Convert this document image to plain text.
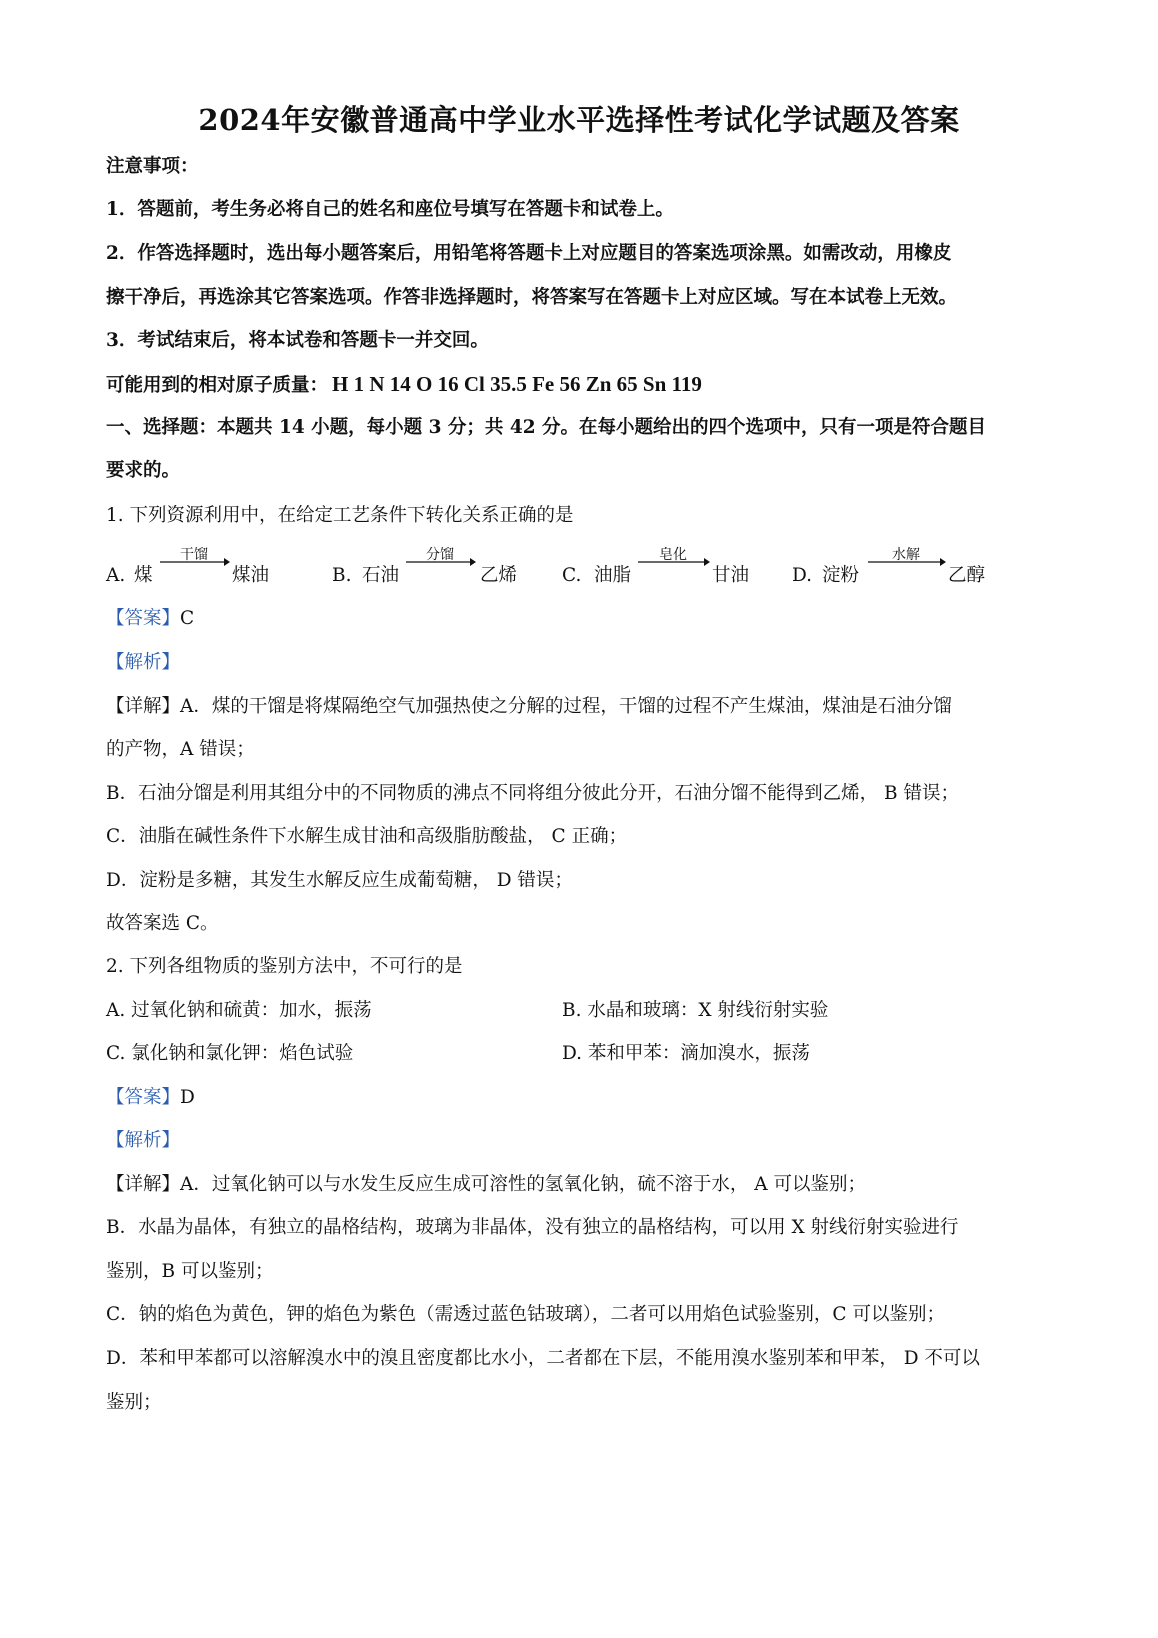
2024年安徽普通高中学业水平选择性考试化学试题及答案
注意事项：
1．答题前，考生务必将自己的姓名和座位号填写在答题卡和试卷上。
2．作答选择题时，选出每小题答案后，用铅笔将答题卡上对应题目的答案选项涂黑。如需改动，用橡皮
擦干净后，再选涂其它答案选项。作答非选择题时，将答案写在答题卡上对应区域。写在本试卷上无效。
3．考试结束后，将本试卷和答题卡一并交回。
可能用到的相对原子质量： H 1 N 14 O 16 Cl 35.5 Fe 56 Zn 65 Sn 119
一、选择题：本题共 14 小题，每小题 3 分；共 42 分。在每小题给出的四个选项中，只有一项是符合题目
要求的。
1. 下列资源利用中，在给定工艺条件下转化关系正确的是
A. 煤
干馏
煤油	B. 石油
分馏
乙烯 C. 油脂
皂化
甘油 D. 淀粉
水解
乙醇
【答案】C
【解析】
【详解】A．煤的干馏是将煤隔绝空气加强热使之分解的过程，干馏的过程不产生煤油，煤油是石油分馏
的产物，A 错误；
B．石油分馏是利用其组分中的不同物质的沸点不同将组分彼此分开，石油分馏不能得到乙烯， B 错误；
C．油脂在碱性条件下水解生成甘油和高级脂肪酸盐， C 正确；
D．淀粉是多糖，其发生水解反应生成葡萄糖， D 错误；
故答案选 C。
2. 下列各组物质的鉴别方法中，不可行的是
A. 过氧化钠和硫黄：加水，振荡	B. 水晶和玻璃：X 射线衍射实验
C. 氯化钠和氯化钾：焰色试验	D. 苯和甲苯：滴加溴水，振荡
【答案】D
【解析】
【详解】A．过氧化钠可以与水发生反应生成可溶性的氢氧化钠，硫不溶于水， A 可以鉴别；
B．水晶为晶体，有独立的晶格结构，玻璃为非晶体，没有独立的晶格结构，可以用 X 射线衍射实验进行
鉴别，B 可以鉴别；
C．钠的焰色为黄色，钾的焰色为紫色（需透过蓝色钴玻璃），二者可以用焰色试验鉴别，C 可以鉴别；
D．苯和甲苯都可以溶解溴水中的溴且密度都比水小，二者都在下层，不能用溴水鉴别苯和甲苯， D 不可以
鉴别；
